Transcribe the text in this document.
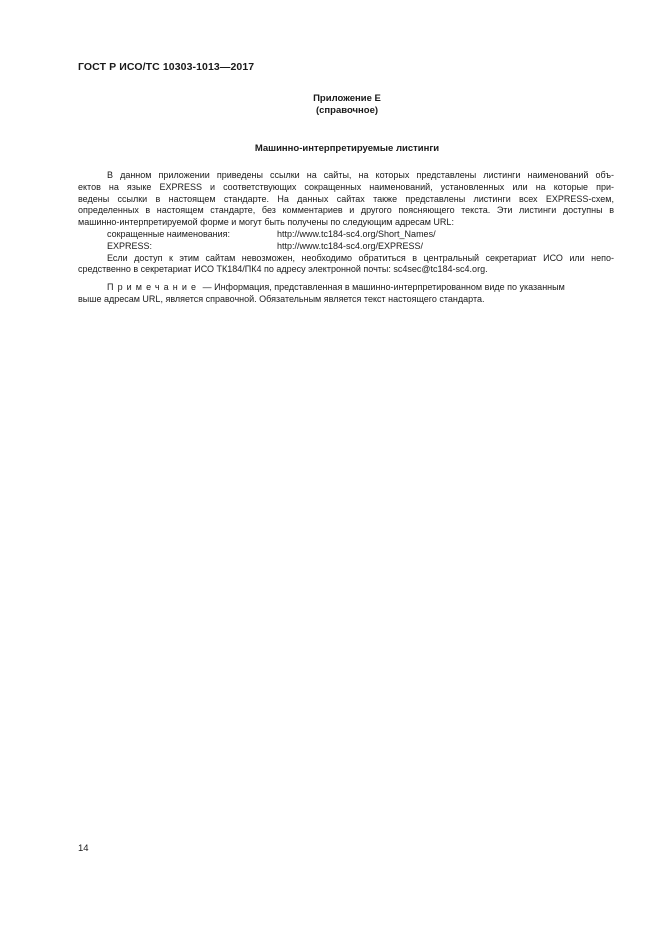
ГОСТ Р ИСО/ТС 10303-1013—2017
Приложение Е
(справочное)
Машинно-интерпретируемые листинги
В данном приложении приведены ссылки на сайты, на которых представлены листинги наименований объ-
ектов на языке EXPRESS и соответствующих сокращенных наименований, установленных или на которые при-
ведены ссылки в настоящем стандарте. На данных сайтах также представлены листинги всех EXPRESS-схем,
определенных в настоящем стандарте, без комментариев и другого поясняющего текста. Эти листинги доступны в
машинно-интерпретируемой форме и могут быть получены по следующим адресам URL:
сокращенные наименования:	http://www.tc184-sc4.org/Short_Names/
EXPRESS:	http://www.tc184-sc4.org/EXPRESS/
Если доступ к этим сайтам невозможен, необходимо обратиться в центральный секретариат ИСО или непо-
средственно в секретариат ИСО ТК184/ПК4 по адресу электронной почты: sc4sec@tc184-sc4.org.
Примечание — Информация, представленная в машинно-интерпретированном виде по указанным
выше адресам URL, является справочной. Обязательным является текст настоящего стандарта.
14
